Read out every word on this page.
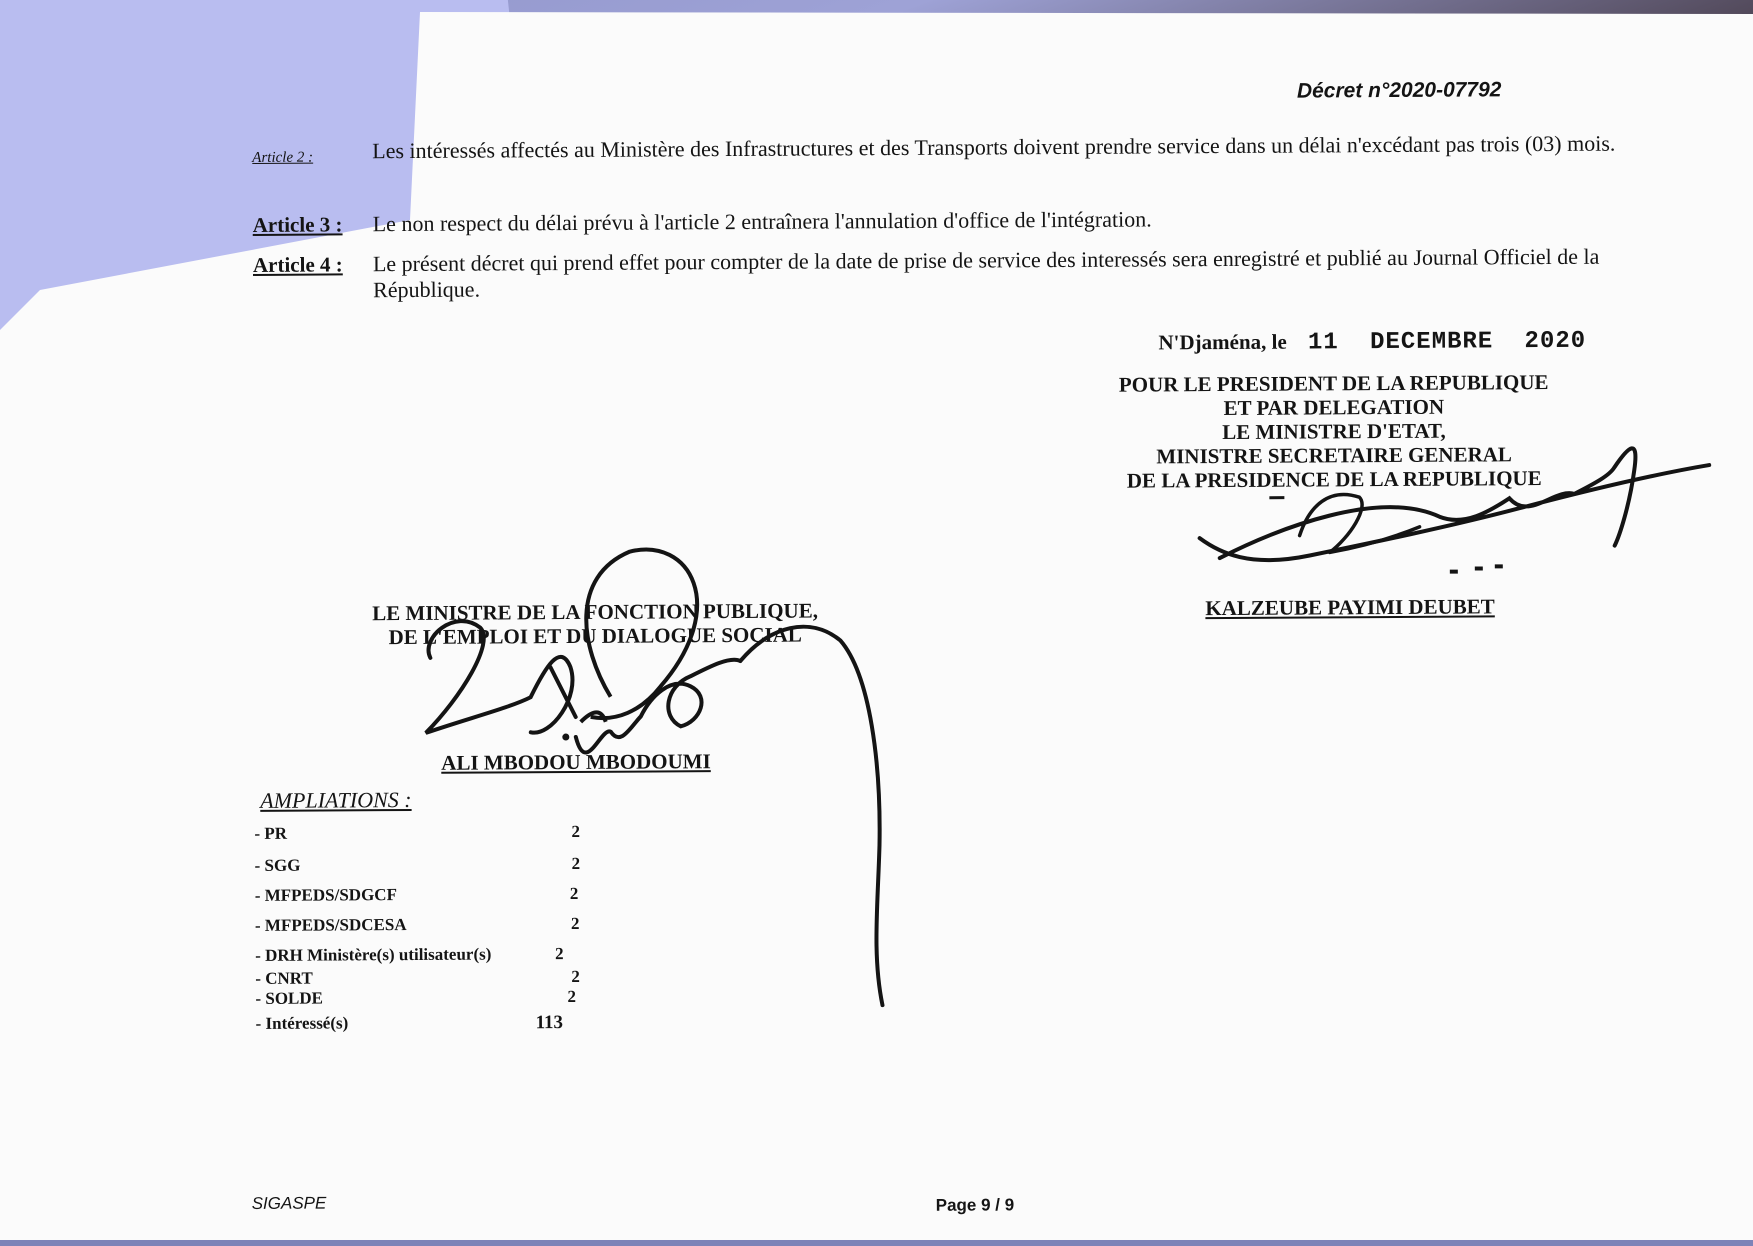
Décret n°2020-07792
Article 2 :	Les intéressés affectés au Ministère des Infrastructures et des Transports doivent prendre service dans un délai n'excédant pas trois (03) mois.
Article 3 :	Le non respect du délai prévu à l'article 2 entraînera l'annulation d'office de l'intégration.
Article 4 :	Le présent décret qui prend effet pour compter de la date de prise de service des interessés sera enregistré et publié au Journal Officiel de la République.
N'Djaména, le 11 DECEMBRE 2020
POUR LE PRESIDENT DE LA REPUBLIQUE
ET PAR DELEGATION
LE MINISTRE D'ETAT,
MINISTRE SECRETAIRE GENERAL
DE LA PRESIDENCE DE LA REPUBLIQUE
KALZEUBE PAYIMI DEUBET
LE MINISTRE DE LA FONCTION PUBLIQUE,
DE L'EMPLOI ET DU DIALOGUE SOCIAL
ALI MBODOU MBODOUMI
AMPLIATIONS :
- PR	2
- SGG	2
- MFPEDS/SDGCF	2
- MFPEDS/SDCESA	2
- DRH Ministère(s) utilisateur(s)	2
- CNRT	2
- SOLDE	2
- Intéressé(s)	113
SIGASPE	Page 9 / 9
